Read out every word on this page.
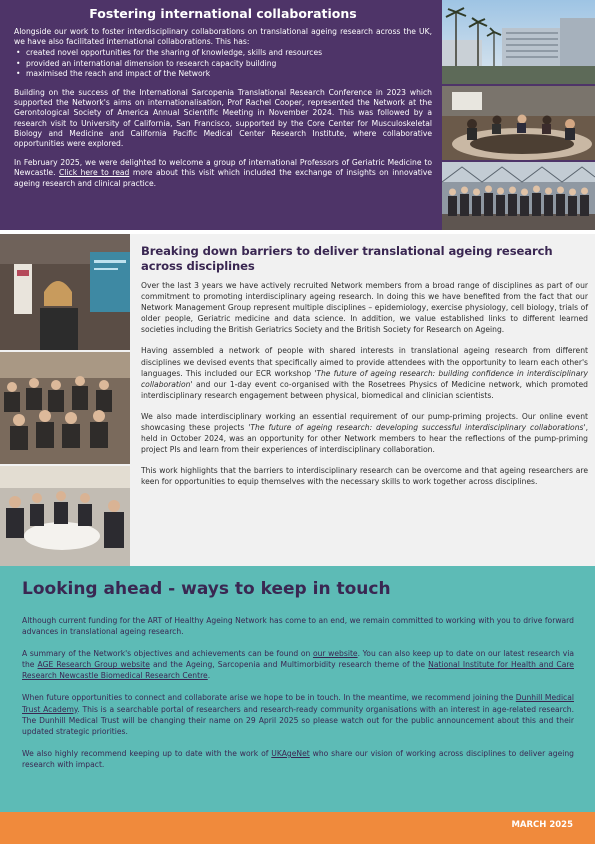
Fostering international collaborations

Alongside our work to foster interdisciplinary collaborations on translational ageing research across the UK, we have also facilitated international collaborations. This has:

• created novel opportunities for the sharing of knowledge, skills and resources
• provided an international dimension to research capacity building
• maximised the reach and impact of the Network

Building on the success of the International Sarcopenia Translational Research Conference in 2023 which supported the Network's aims on internationalisation, Prof Rachel Cooper, represented the Network at the Gerontological Society of America Annual Scientific Meeting in November 2024. This was followed by a research visit to University of California, San Francisco, supported by the Core Center for Musculoskeletal Biology and Medicine and California Pacific Medical Center Research Institute, where collaborative opportunities were explored.

In February 2025, we were delighted to welcome a group of international Professors of Geriatric Medicine to Newcastle. Click here to read more about this visit which included the exchange of insights on innovative ageing research and clinical practice.

Breaking down barriers to deliver translational ageing research across disciplines

Over the last 3 years we have actively recruited Network members from a broad range of disciplines as part of our commitment to promoting interdisciplinary ageing research. In doing this we have benefited from the fact that our Network Management Group represent multiple disciplines – epidemiology, exercise physiology, cell biology, trials of older people, Geriatric medicine and data science. In addition, we value established links to different learned societies including the British Geriatrics Society and the British Society for Research on Ageing.

Having assembled a network of people with shared interests in translational ageing research from different disciplines we devised events that specifically aimed to provide attendees with the opportunity to learn each other's languages. This included our ECR workshop 'The future of ageing research: building confidence in interdisciplinary collaboration' and our 1-day event co-organised with the Rosetrees Physics of Medicine network, which promoted interdisciplinary research engagement between physical, biomedical and clinician scientists.

We also made interdisciplinary working an essential requirement of our pump-priming projects. Our online event showcasing these projects 'The future of ageing research: developing successful interdisciplinary collaborations', held in October 2024, was an opportunity for other Network members to hear the reflections of the pump-priming project PIs and learn from their experiences of interdisciplinary collaboration.

This work highlights that the barriers to interdisciplinary research can be overcome and that ageing researchers are keen for opportunities to equip themselves with the necessary skills to work together across disciplines.

Looking ahead - ways to keep in touch

Although current funding for the ART of Healthy Ageing Network has come to an end, we remain committed to working with you to drive forward advances in translational ageing research.

A summary of the Network's objectives and achievements can be found on our website. You can also keep up to date on our latest research via the AGE Research Group website and the Ageing, Sarcopenia and Multimorbidity research theme of the National Institute for Health and Care Research Newcastle Biomedical Research Centre.

When future opportunities to connect and collaborate arise we hope to be in touch. In the meantime, we recommend joining the Dunhill Medical Trust Academy. This is a searchable portal of researchers and research-ready community organisations with an interest in age-related research. The Dunhill Medical Trust will be changing their name on 29 April 2025 so please watch out for the public announcement about this and their updated strategic priorities.

We also highly recommend keeping up to date with the work of UKAgeNet who share our vision of working across disciplines to deliver ageing research with impact.

MARCH 2025
